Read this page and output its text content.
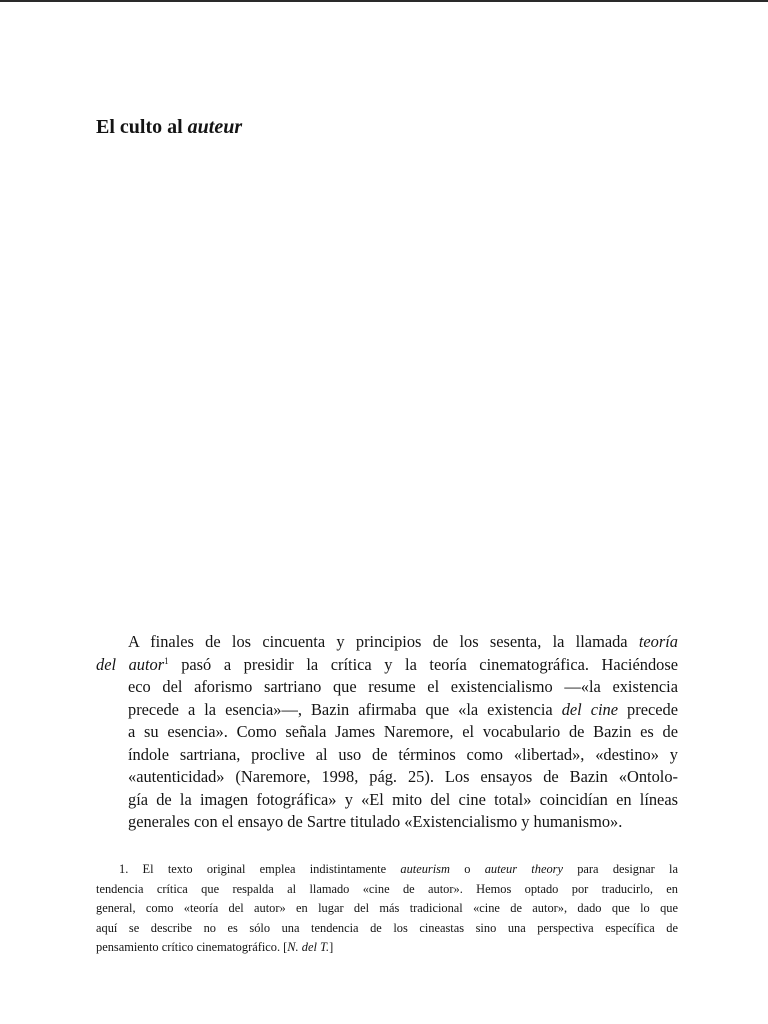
El culto al auteur

A finales de los cincuenta y principios de los sesenta, la llamada teoría
del autor$^1$ pasó a presidir la crítica y la teoría cinematográfica. Haciéndose
eco del aforismo sartriano que resume el existencialismo —«la existencia
precede a la esencia»—, Bazin afirmaba que «la existencia del cine precede
a su esencia». Como señala James Naremore, el vocabulario de Bazin es de
índole sartriana, proclive al uso de términos como «libertad», «destino» y
«autenticidad» (Naremore, 1998, pág. 25). Los ensayos de Bazin «Ontolo-
gía de la imagen fotográfica» y «El mito del cine total» coincidían en líneas
generales con el ensayo de Sartre titulado «Existencialismo y humanismo».

1. El texto original emplea indistintamente auteurism o auteur theory para designar la
tendencia crítica que respalda al llamado «cine de autor». Hemos optado por traducirlo, en
general, como «teoría del autor» en lugar del más tradicional «cine de autor», dado que lo que
aquí se describe no es sólo una tendencia de los cineastas sino una perspectiva específica de
pensamiento crítico cinematográfico. [N. del T.]
